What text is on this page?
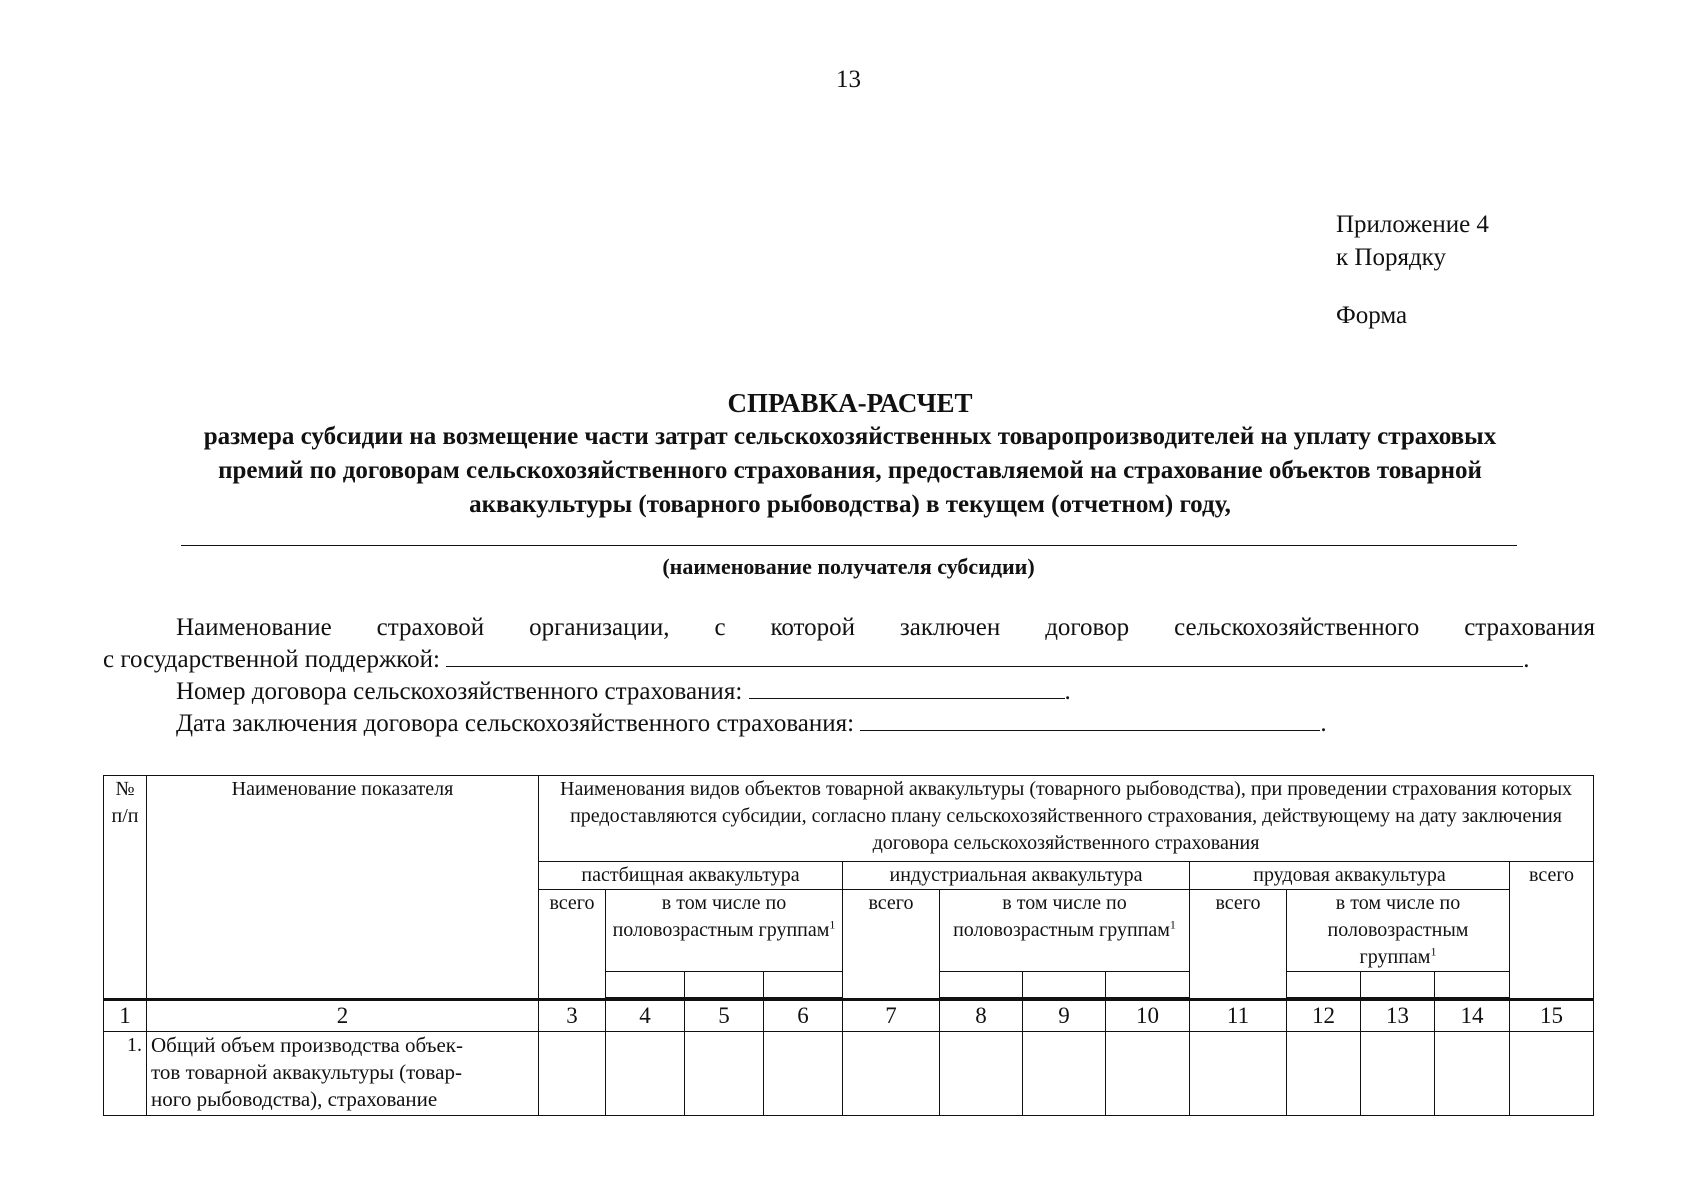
13
Приложение 4
к Порядку
Форма
СПРАВКА-РАСЧЕТ
размера субсидии на возмещение части затрат сельскохозяйственных товаропроизводителей на уплату страховых
премий по договорам сельскохозяйственного страхования, предоставляемой на страхование объектов товарной
аквакультуры (товарного рыбоводства) в текущем (отчетном) году,
(наименование получателя субсидии)
Наименование страховой организации, с которой заключен договор сельскохозяйственного страхования
с государственной поддержкой:	.
Номер договора сельскохозяйственного страхования:	.
Дата заключения договора сельскохозяйственного страхования:	.
№ п/п	Наименование показателя	Наименования видов объектов товарной аквакультуры (товарного рыбоводства), при проведении страхования которых предоставляются субсидии, согласно плану сельскохозяйственного страхования, действующему на дату заключения договора сельскохозяйственного страхования												
		пастбищная аквакультура				индустриальная аквакультура				прудовая аквакультура				всего
		всего	в том числе по половозрастным группам$^1$			всего	в том числе по половозрастным группам$^1$			всего	в том числе по половозрастным группам$^1$

1	2	3	4	5	6	7	8	9	10	11	12	13	14	15
1.	Общий объем производства объек-
тов товарной аквакультуры (товар-
ного рыбоводства), страхование													
